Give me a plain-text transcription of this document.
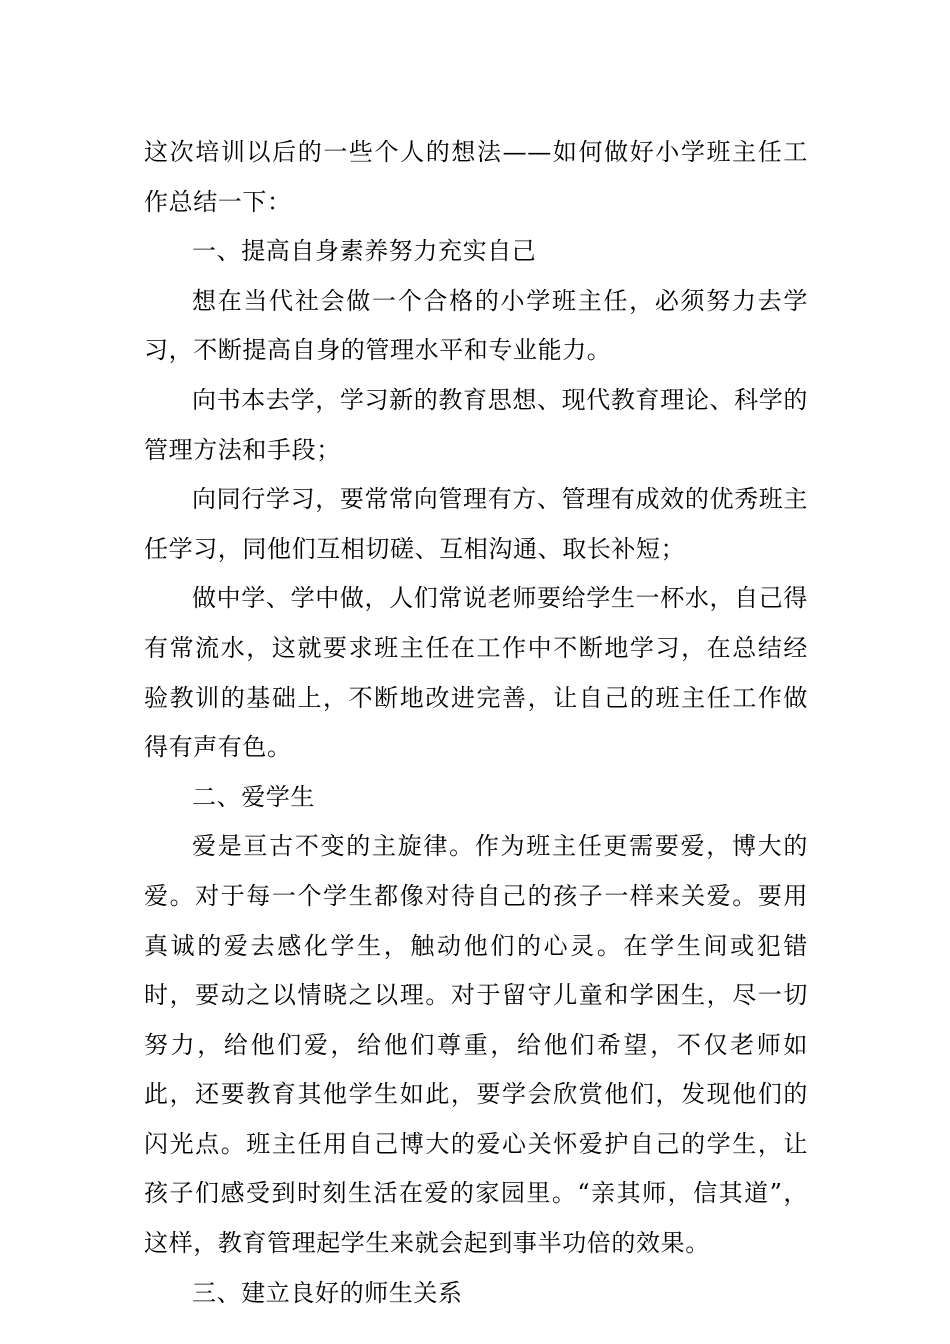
这次培训以后的一些个人的想法——如何做好小学班主任工作总结一下：

一、提高自身素养努力充实自己

想在当代社会做一个合格的小学班主任，必须努力去学习，不断提高自身的管理水平和专业能力。

向书本去学，学习新的教育思想、现代教育理论、科学的管理方法和手段；

向同行学习，要常常向管理有方、管理有成效的优秀班主任学习，同他们互相切磋、互相沟通、取长补短；

做中学、学中做，人们常说老师要给学生一杯水，自己得有常流水，这就要求班主任在工作中不断地学习，在总结经验教训的基础上，不断地改进完善，让自己的班主任工作做得有声有色。

二、爱学生

爱是亘古不变的主旋律。作为班主任更需要爱，博大的爱。对于每一个学生都像对待自己的孩子一样来关爱。要用真诚的爱去感化学生，触动他们的心灵。在学生间或犯错时，要动之以情晓之以理。对于留守儿童和学困生，尽一切努力，给他们爱，给他们尊重，给他们希望，不仅老师如此，还要教育其他学生如此，要学会欣赏他们，发现他们的闪光点。班主任用自己博大的爱心关怀爱护自己的学生，让孩子们感受到时刻生活在爱的家园里。“亲其师，信其道”，这样，教育管理起学生来就会起到事半功倍的效果。

三、建立良好的师生关系
